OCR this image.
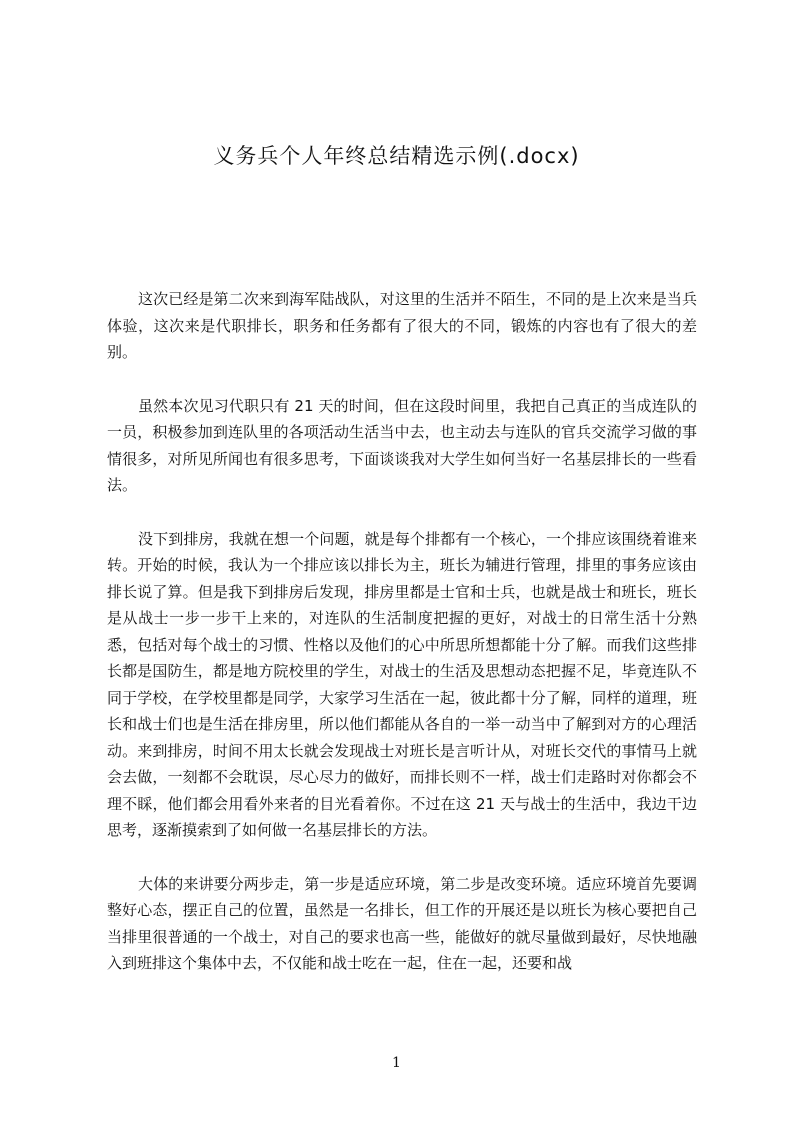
义务兵个人年终总结精选示例(.docx)

这次已经是第二次来到海军陆战队，对这里的生活并不陌生，不同的是上次来是当兵体验，这次来是代职排长，职务和任务都有了很大的不同，锻炼的内容也有了很大的差别。

虽然本次见习代职只有 21 天的时间，但在这段时间里，我把自己真正的当成连队的一员，积极参加到连队里的各项活动生活当中去，也主动去与连队的官兵交流学习做的事情很多，对所见所闻也有很多思考，下面谈谈我对大学生如何当好一名基层排长的一些看法。

没下到排房，我就在想一个问题，就是每个排都有一个核心，一个排应该围绕着谁来转。开始的时候，我认为一个排应该以排长为主，班长为辅进行管理，排里的事务应该由排长说了算。但是我下到排房后发现，排房里都是士官和士兵，也就是战士和班长，班长是从战士一步一步干上来的，对连队的生活制度把握的更好，对战士的日常生活十分熟悉，包括对每个战士的习惯、性格以及他们的心中所思所想都能十分了解。而我们这些排长都是国防生，都是地方院校里的学生，对战士的生活及思想动态把握不足，毕竟连队不同于学校，在学校里都是同学，大家学习生活在一起，彼此都十分了解，同样的道理，班长和战士们也是生活在排房里，所以他们都能从各自的一举一动当中了解到对方的心理活动。来到排房，时间不用太长就会发现战士对班长是言听计从，对班长交代的事情马上就会去做，一刻都不会耽误，尽心尽力的做好，而排长则不一样，战士们走路时对你都会不理不睬，他们都会用看外来者的目光看着你。不过在这 21 天与战士的生活中，我边干边思考，逐渐摸索到了如何做一名基层排长的方法。

大体的来讲要分两步走，第一步是适应环境，第二步是改变环境。适应环境首先要调整好心态，摆正自己的位置，虽然是一名排长，但工作的开展还是以班长为核心要把自己当排里很普通的一个战士，对自己的要求也高一些，能做好的就尽量做到最好，尽快地融入到班排这个集体中去，不仅能和战士吃在一起，住在一起，还要和战

1
